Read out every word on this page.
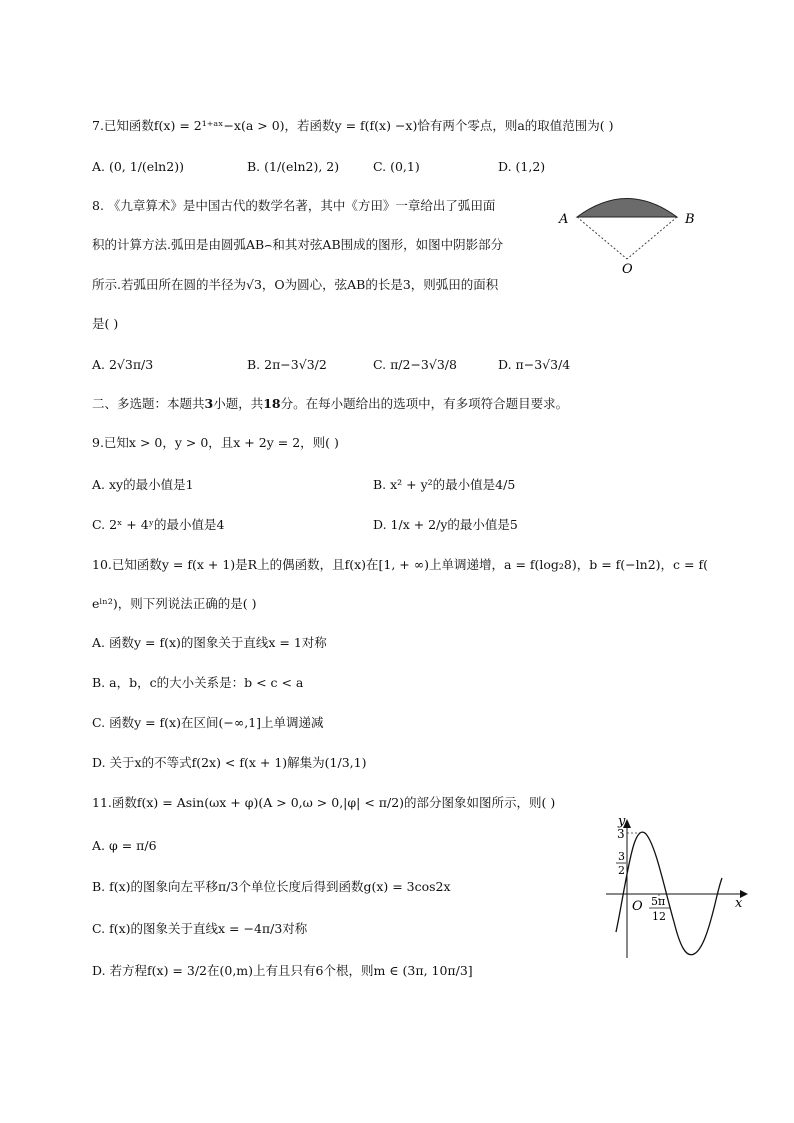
7.已知函数f(x) = 2¹⁺ᵃˣ−x(a > 0)，若函数y = f(f(x) −x)恰有两个零点，则a的取值范围为( )
A. (0, 1/(eln2))	B. (1/(eln2), 2)	C. (0,1)	D. (1,2)
8. 《九章算术》是中国古代的数学名著，其中《方田》一章给出了弧田面
积的计算方法.弧田是由圆弧AB⌢和其对弦AB围成的图形，如图中阴影部分
所示.若弧田所在圆的半径为√3，O为圆心，弦AB的长是3，则弧田的面积
是( )
A. 2√3π/3	B. 2π−3√3/2	C. π/2−3√3/8	D. π−3√3/4
A	B
O
二、多选题：本题共3小题，共18分。在每小题给出的选项中，有多项符合题目要求。
9.已知x > 0，y > 0，且x + 2y = 2，则( )
A. xy的最小值是1	B. x² + y²的最小值是4/5
C. 2ˣ + 4ʸ的最小值是4	D. 1/x + 2/y的最小值是5
10.已知函数y = f(x + 1)是R上的偶函数，且f(x)在[1, + ∞)上单调递增，a = f(log₂8)，b = f(−ln2)，c = f(
eˡⁿ²)，则下列说法正确的是( )
A. 函数y = f(x)的图象关于直线x = 1对称
B. a，b，c的大小关系是：b < c < a
C. 函数y = f(x)在区间(−∞,1]上单调递减
D. 关于x的不等式f(2x) < f(x + 1)解集为(1/3,1)
11.函数f(x) = Asin(ωx + φ)(A > 0,ω > 0,|φ| < π/2)的部分图象如图所示，则( )
A. φ = π/6
B. f(x)的图象向左平移π/3个单位长度后得到函数g(x) = 3cos2x
C. f(x)的图象关于直线x = −4π/3对称
D. 若方程f(x) = 3/2在(0,m)上有且只有6个根，则m ∈ (3π, 10π/3]
y
x
O
3
3
2
5π
12
